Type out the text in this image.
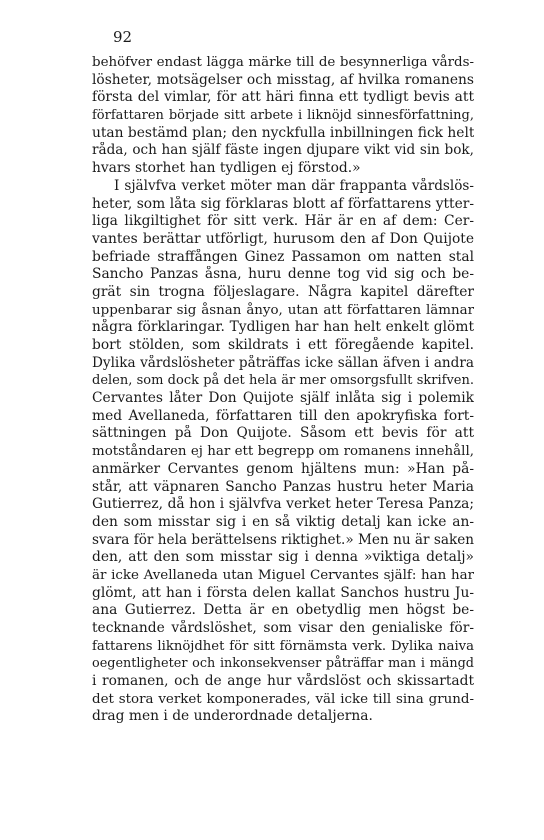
92
behöfver endast lägga märke till de besynnerliga vårds-
lösheter, motsägelser och misstag, af hvilka romanens
första del vimlar, för att häri finna ett tydligt bevis att
författaren började sitt arbete i liknöjd sinnesförfattning,
utan bestämd plan; den nyckfulla inbillningen fick helt
råda, och han själf fäste ingen djupare vikt vid sin bok,
hvars storhet han tydligen ej förstod.»
I självfva verket möter man där frappanta vårdslös-
heter, som låta sig förklaras blott af författarens ytter-
liga likgiltighet för sitt verk. Här är en af dem: Cer-
vantes berättar utförligt, hurusom den af Don Quijote
befriade straffången Ginez Passamon om natten stal
Sancho Panzas åsna, huru denne tog vid sig och be-
grät sin trogna följeslagare. Några kapitel därefter
uppenbarar sig åsnan ånyo, utan att författaren lämnar
några förklaringar. Tydligen har han helt enkelt glömt
bort stölden, som skildrats i ett föregående kapitel.
Dylika vårdslösheter påträffas icke sällan äfven i andra
delen, som dock på det hela är mer omsorgsfullt skrifven.
Cervantes låter Don Quijote själf inlåta sig i polemik
med Avellaneda, författaren till den apokryfiska fort-
sättningen på Don Quijote. Såsom ett bevis för att
motståndaren ej har ett begrepp om romanens innehåll,
anmärker Cervantes genom hjältens mun: »Han på-
står, att väpnaren Sancho Panzas hustru heter Maria
Gutierrez, då hon i självfva verket heter Teresa Panza;
den som misstar sig i en så viktig detalj kan icke an-
svara för hela berättelsens riktighet.» Men nu är saken
den, att den som misstar sig i denna »viktiga detalj»
är icke Avellaneda utan Miguel Cervantes själf: han har
glömt, att han i första delen kallat Sanchos hustru Ju-
ana Gutierrez. Detta är en obetydlig men högst be-
tecknande vårdslöshet, som visar den genialiske för-
fattarens liknöjdhet för sitt förnämsta verk. Dylika naiva
oegentligheter och inkonsekvenser påträffar man i mängd
i romanen, och de ange hur vårdslöst och skissartadt
det stora verket komponerades, väl icke till sina grund-
drag men i de underordnade detaljerna.
